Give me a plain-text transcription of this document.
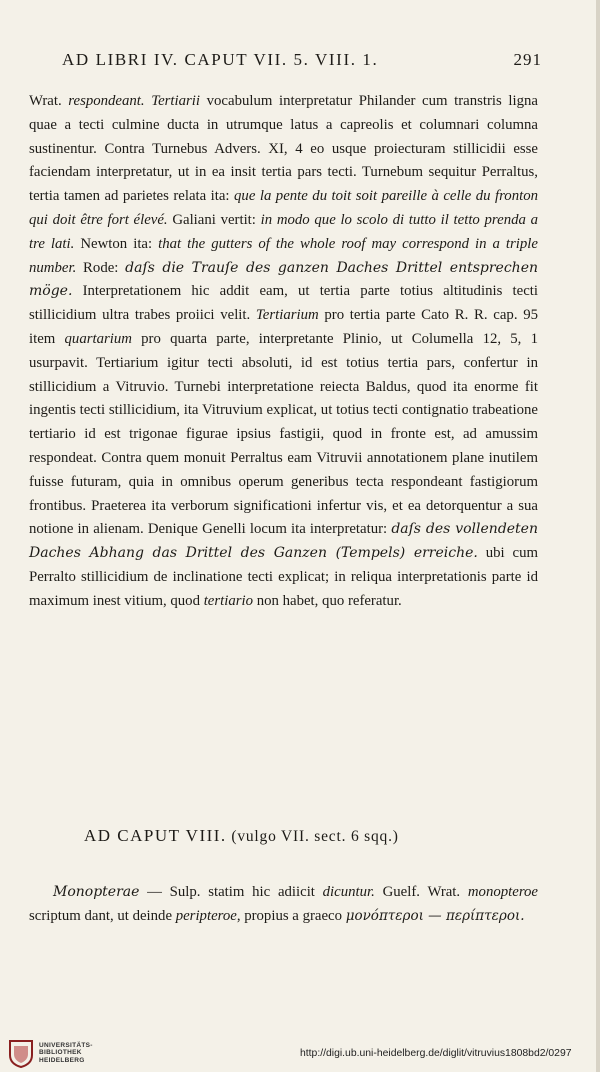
AD LIBRI IV. CAPUT VII. 5. VIII. 1.	291

Wrat. respondeant. Tertiarii vocabulum interpretatur Philander cum transtris ligna quae a tecti culmine ducta in utrumque latus a capreolis et columnari columna sustinentur. Contra Turnebus Advers. XI, 4 eo usque proiecturam stillicidii esse faciendam interpretatur, ut in ea insit tertia pars tecti. Turnebum sequitur Perraltus, tertia tamen ad parietes relata ita: que la pente du toit soit pareille à celle du fronton qui doit être fort élevé. Galiani vertit: in modo que lo scolo di tutto il tetto prenda a tre lati. Newton ita: that the gutters of the whole roof may correspond in a triple number. Rode: daſs die Trauſe des ganzen Daches Drittel entsprechen möge. Interpretationem hic addit eam, ut tertia parte totius altitudinis tecti stillicidium ultra trabes proiici velit. Tertiarium pro tertia parte Cato R. R. cap. 95 item quartarium pro quarta parte, interpretante Plinio, ut Columella 12, 5, 1 usurpavit. Tertiarium igitur tecti absoluti, id est totius tertia pars, confertur in stillicidium a Vitruvio. Turnebi interpretatione reiecta Baldus, quod ita enorme fit ingentis tecti stillicidium, ita Vitruvium explicat, ut totius tecti contignatio trabeatione tertiario id est trigonae figurae ipsius fastigii, quod in fronte est, ad amussim respondeat. Contra quem monuit Perraltus eam Vitruvii annotationem plane inutilem fuisse futuram, quia in omnibus operum generibus tecta respondeant fastigiorum frontibus. Praeterea ita verborum significationi infertur vis, et ea detorquentur a sua notione in alienam. Denique Genelli locum ita interpretatur: daſs des vollendeten Daches Abhang das Drittel des Ganzen (Tempels) erreiche. ubi cum Perralto stillicidium de inclinatione tecti explicat; in reliqua interpretationis parte id maximum inest vitium, quod tertiario non habet, quo referatur.

AD CAPUT VIII. (vulgo VII. sect. 6 sqq.)

Monopterae — Sulp. statim hic adiicit dicuntur. Guelf. Wrat. monopteroe scriptum dant, ut deinde peripteroe, propius a graeco μονόπτεροι — περίπτεροι.

UNIVERSITÄTS-
BIBLIOTHEK
HEIDELBERG
http://digi.ub.uni-heidelberg.de/diglit/vitruvius1808bd2/0297
